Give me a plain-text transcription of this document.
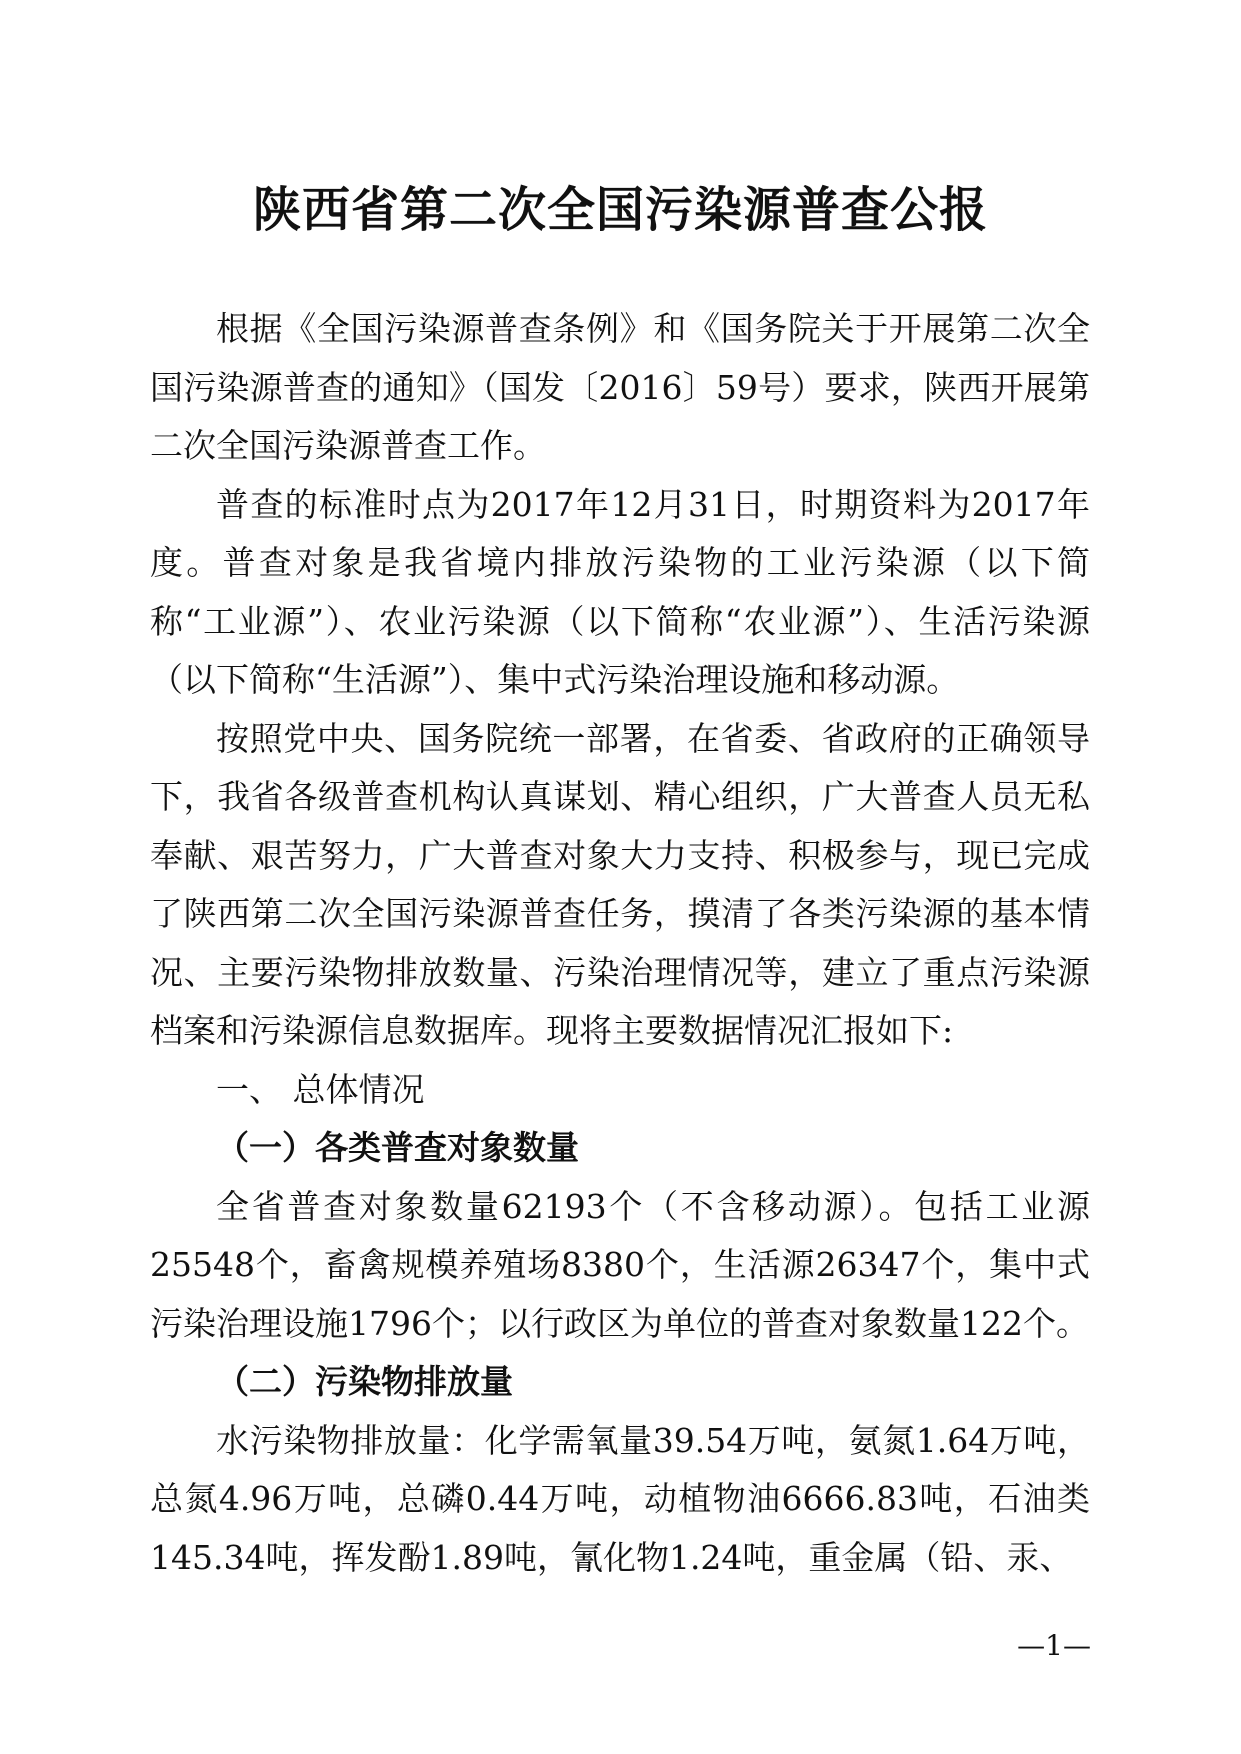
陕西省第二次全国污染源普查公报

根据《全国污染源普查条例》和《国务院关于开展第二次全国污染源普查的通知》（国发〔2016〕59号）要求，陕西开展第二次全国污染源普查工作。

普查的标准时点为2017年12月31日，时期资料为2017年度。普查对象是我省境内排放污染物的工业污染源（以下简称“工业源”）、农业污染源（以下简称“农业源”）、生活污染源（以下简称“生活源”）、集中式污染治理设施和移动源。

按照党中央、国务院统一部署，在省委、省政府的正确领导下，我省各级普查机构认真谋划、精心组织，广大普查人员无私奉献、艰苦努力，广大普查对象大力支持、积极参与，现已完成了陕西第二次全国污染源普查任务，摸清了各类污染源的基本情况、主要污染物排放数量、污染治理情况等，建立了重点污染源档案和污染源信息数据库。现将主要数据情况汇报如下:

一、 总体情况

（一）各类普查对象数量

全省普查对象数量62193个（不含移动源）。包括工业源25548个，畜禽规模养殖场8380个，生活源26347个，集中式污染治理设施1796个；以行政区为单位的普查对象数量122个。

（二）污染物排放量

水污染物排放量：化学需氧量39.54万吨，氨氮1.64万吨，总氮4.96万吨，总磷0.44万吨，动植物油6666.83吨，石油类145.34吨，挥发酚1.89吨，氰化物1.24吨，重金属（铅、汞、

—1—
